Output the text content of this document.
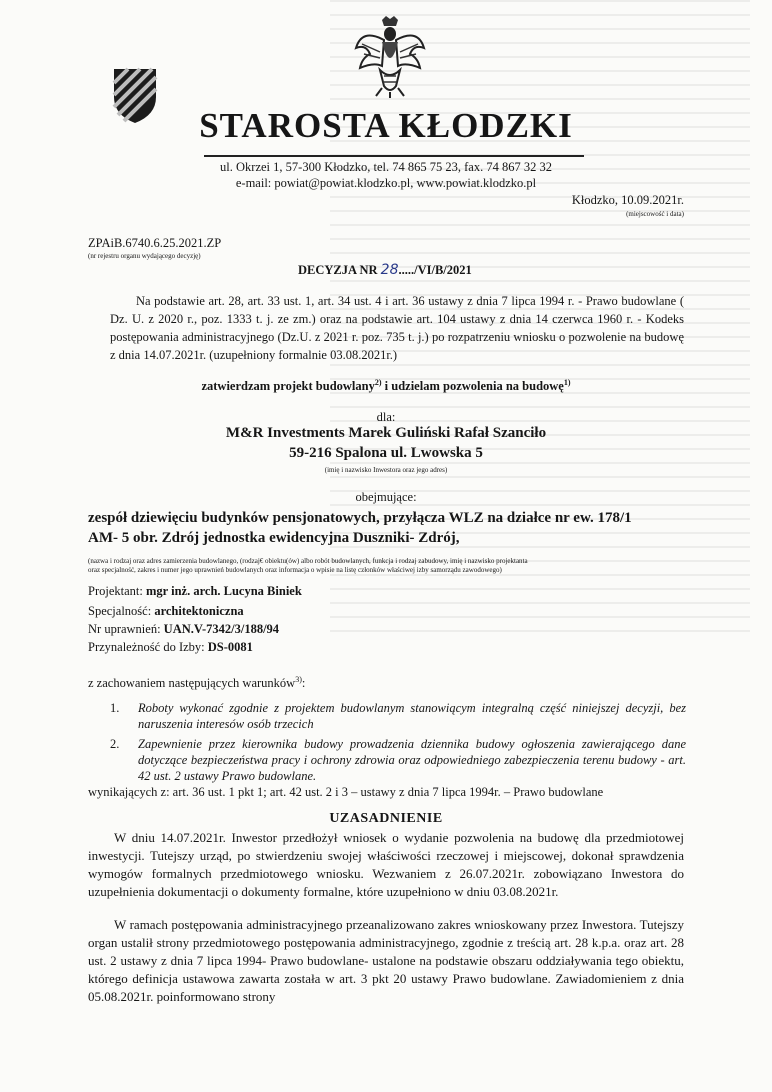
STAROSTA KŁODZKI
ul. Okrzei 1, 57-300 Kłodzko, tel. 74 865 75 23, fax. 74 867 32 32
e-mail: powiat@powiat.klodzko.pl, www.powiat.klodzko.pl
Kłodzko, 10.09.2021r.
(miejscowość i data)
ZPAiB.6740.6.25.2021.ZP
(nr rejestru organu wydającego decyzję)
DECYZJA NR 28...../VI/B/2021
Na podstawie art. 28, art. 33 ust. 1, art. 34 ust. 4 i art. 36 ustawy z dnia 7 lipca 1994 r. - Prawo budowlane ( Dz. U. z 2020 r., poz. 1333 t. j. ze zm.) oraz na podstawie art. 104 ustawy z dnia 14 czerwca 1960 r. - Kodeks postępowania administracyjnego (Dz.U. z 2021 r. poz. 735 t. j.) po rozpatrzeniu wniosku o pozwolenie na budowę z dnia 14.07.2021r. (uzupełniony formalnie 03.08.2021r.)
zatwierdzam projekt budowlany$^{2)}$ i udzielam pozwolenia na budowę$^{1)}$
dla:
M&R Investments Marek Guliński Rafał Szanciło
59-216 Spalona ul. Lwowska 5
(imię i nazwisko Inwestora oraz jego adres)
obejmujące:
zespół dziewięciu budynków pensjonatowych, przyłącza WLZ na działce nr ew. 178/1
AM- 5 obr. Zdrój jednostka ewidencyjna Duszniki- Zdrój,
(nazwa i rodzaj oraz adres zamierzenia budowlanego, (rodzaj€ obiektu(ów) albo robót budowlanych, funkcja i rodzaj zabudowy, imię i nazwisko projektanta
oraz specjalność, zakres i numer jego uprawnień budowlanych oraz informacja o wpisie na listę członków właściwej izby samorządu zawodowego)
Projektant: mgr inż. arch. Lucyna Biniek
Specjalność: architektoniczna
Nr uprawnień: UAN.V-7342/3/188/94
Przynależność do Izby: DS-0081
z zachowaniem następujących warunków$^{3)}$:
1. Roboty wykonać zgodnie z projektem budowlanym stanowiącym integralną część niniejszej decyzji, bez naruszenia interesów osób trzecich
2. Zapewnienie przez kierownika budowy prowadzenia dziennika budowy ogłoszenia zawierającego dane dotyczące bezpieczeństwa pracy i ochrony zdrowia oraz odpowiedniego zabezpieczenia terenu budowy - art. 42 ust. 2 ustawy Prawo budowlane.
wynikających z: art. 36 ust. 1 pkt 1; art. 42 ust. 2 i 3 – ustawy z dnia 7 lipca 1994r. – Prawo budowlane
UZASADNIENIE
W dniu 14.07.2021r. Inwestor przedłożył wniosek o wydanie pozwolenia na budowę dla przedmiotowej inwestycji. Tutejszy urząd, po stwierdzeniu swojej właściwości rzeczowej i miejscowej, dokonał sprawdzenia wymogów formalnych przedmiotowego wniosku. Wezwaniem z 26.07.2021r. zobowiązano Inwestora do uzupełnienia dokumentacji o dokumenty formalne, które uzupełniono w dniu 03.08.2021r.
W ramach postępowania administracyjnego przeanalizowano zakres wnioskowany przez Inwestora. Tutejszy organ ustalił strony przedmiotowego postępowania administracyjnego, zgodnie z treścią art. 28 k.p.a. oraz art. 28 ust. 2 ustawy z dnia 7 lipca 1994- Prawo budowlane- ustalone na podstawie obszaru oddziaływania tego obiektu, którego definicja ustawowa zawarta została w art. 3 pkt 20 ustawy Prawo budowlane. Zawiadomieniem z dnia 05.08.2021r. poinformowano strony
